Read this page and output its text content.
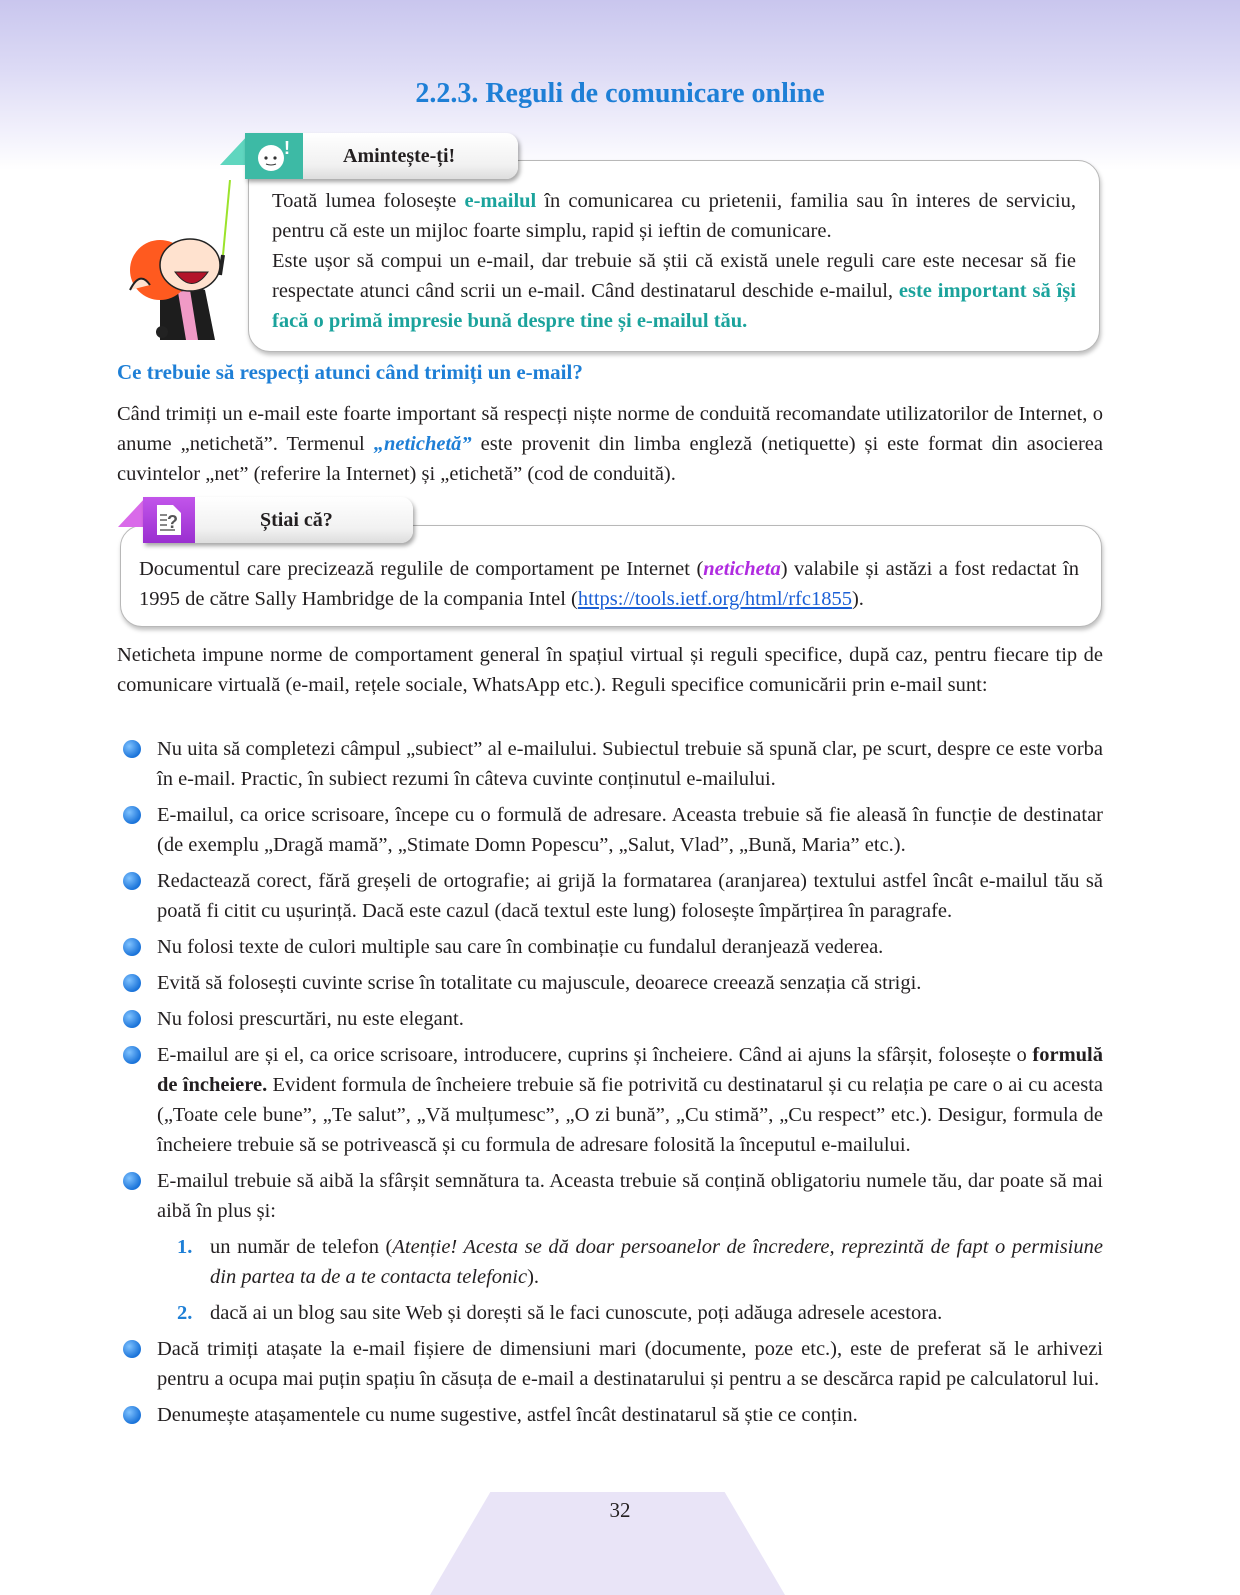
2.2.3. Reguli de comunicare online
Toată lumea folosește e-mailul în comunicarea cu prietenii, familia sau în interes de serviciu, pentru că este un mijloc foarte simplu, rapid și ieftin de comunicare.
Este ușor să compui un e-mail, dar trebuie să știi că există unele reguli care este necesar să fie respectate atunci când scrii un e-mail. Când destinatarul deschide e-mailul, este important să își facă o primă impresie bună despre tine și e-mailul tău.
!	Amintește-ți!
Ce trebuie să respecți atunci când trimiți un e-mail?
Când trimiți un e-mail este foarte important să respecți niște norme de conduită recomandate utilizatorilor de Internet, o anume „netichetă”. Termenul „netichetă” este provenit din limba engleză (netiquette) și este format din asocierea cuvintelor „net” (referire la Internet) și „etichetă” (cod de conduită).
Documentul care precizează regulile de comportament pe Internet (neticheta) valabile și astăzi a fost redactat în 1995 de către Sally Hambridge de la compania Intel (https://tools.ietf.org/html/rfc1855).
?	Știai că?
Neticheta impune norme de comportament general în spațiul virtual și reguli specifice, după caz, pentru fiecare tip de comunicare virtuală (e-mail, rețele sociale, WhatsApp etc.). Reguli specifice comunicării prin e-mail sunt:
Nu uita să completezi câmpul „subiect” al e-mailului. Subiectul trebuie să spună clar, pe scurt, despre ce este vorba în e-mail. Practic, în subiect rezumi în câteva cuvinte conținutul e-mailului.
E-mailul, ca orice scrisoare, începe cu o formulă de adresare. Aceasta trebuie să fie aleasă în funcție de destinatar (de exemplu „Dragă mamă”, „Stimate Domn Popescu”, „Salut, Vlad”, „Bună, Maria” etc.).
Redactează corect, fără greșeli de ortografie; ai grijă la formatarea (aranjarea) textului astfel încât e-mailul tău să poată fi citit cu ușurință. Dacă este cazul (dacă textul este lung) folosește împărțirea în paragrafe.
Nu folosi texte de culori multiple sau care în combinație cu fundalul deranjează vederea.
Evită să folosești cuvinte scrise în totalitate cu majuscule, deoarece creează senzația că strigi.
Nu folosi prescurtări, nu este elegant.
E-mailul are și el, ca orice scrisoare, introducere, cuprins și încheiere. Când ai ajuns la sfârșit, folosește o formulă de încheiere. Evident formula de încheiere trebuie să fie potrivită cu destinatarul și cu relația pe care o ai cu acesta („Toate cele bune”, „Te salut”, „Vă mulțumesc”, „O zi bună”, „Cu stimă”, „Cu respect” etc.). Desigur, formula de încheiere trebuie să se potrivească și cu formula de adresare folosită la începutul e-mailului.
E-mailul trebuie să aibă la sfârșit semnătura ta. Aceasta trebuie să conțină obligatoriu numele tău, dar poate să mai aibă în plus și:
1. un număr de telefon (Atenție! Acesta se dă doar persoanelor de încredere, reprezintă de fapt o permisiune din partea ta de a te contacta telefonic).
2. dacă ai un blog sau site Web și dorești să le faci cunoscute, poți adăuga adresele acestora.
Dacă trimiți atașate la e-mail fișiere de dimensiuni mari (documente, poze etc.), este de preferat să le arhivezi pentru a ocupa mai puțin spațiu în căsuța de e-mail a destinatarului și pentru a se descărca rapid pe calculatorul lui.
Denumește atașamentele cu nume sugestive, astfel încât destinatarul să știe ce conțin.
32
